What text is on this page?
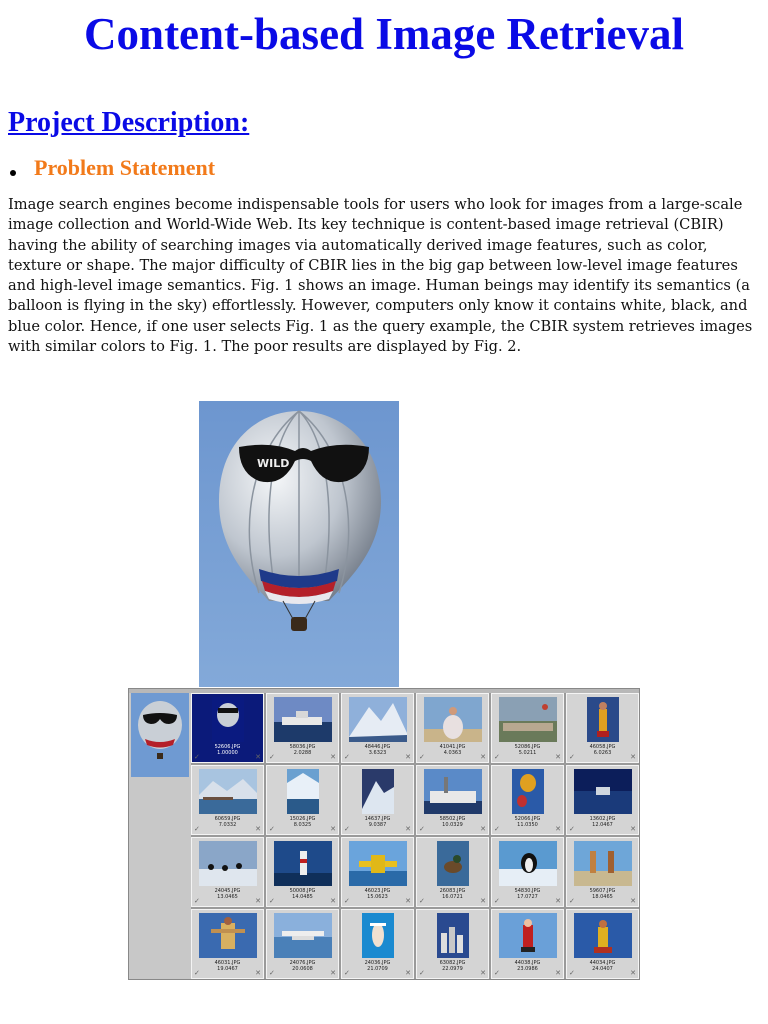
Content-based Image Retrieval
Project Description:
Problem Statement

Image search engines become indispensable tools for users who look for images from a large-scale image collection and World-Wide Web. Its key technique is content-based image retrieval (CBIR) having the ability of searching images via automatically derived image features, such as color, texture or shape. The major difficulty of CBIR lies in the big gap between low-level image features and high-level image semantics. Fig. 1 shows an image. Human beings may identify its semantics (a balloon is flying in the sky) effortlessly. However, computers only know it contains white, black, and blue color. Hence, if one user selects Fig. 1 as the query example, the CBIR system retrieves images with similar colors to Fig. 1. The poor results are displayed by Fig. 2.

WILD
52606.JPG
1.00000
✓	✕
58036.JPG
2.0288
✓	✕
48446.JPG
3.6323
✓	✕
41041.JPG
4.0363
✓	✕
52086.JPG
5.0211
✓	✕
46058.JPG
6.0263
✓	✕
60659.JPG
7.0332
✓	✕
15026.JPG
8.0325
✓	✕
14637.JPG
9.0387
✓	✕
58502.JPG
10.0329
✓	✕
52066.JPG
11.0350
✓	✕
13602.JPG
12.0467
✓	✕
24045.JPG
13.0465
✓	✕
50008.JPG
14.0485
✓	✕
46023.JPG
15.0623
✓	✕
26083.JPG
16.0721
✓	✕
54830.JPG
17.0727
✓	✕
59607.JPG
18.0465
✓	✕
46031.JPG
19.0467
✓	✕
24076.JPG
20.0608
✓	✕
24036.JPG
21.0709
✓	✕
63082.JPG
22.0979
✓	✕
44038.JPG
23.0986
✓	✕
44034.JPG
24.0407
✓	✕
